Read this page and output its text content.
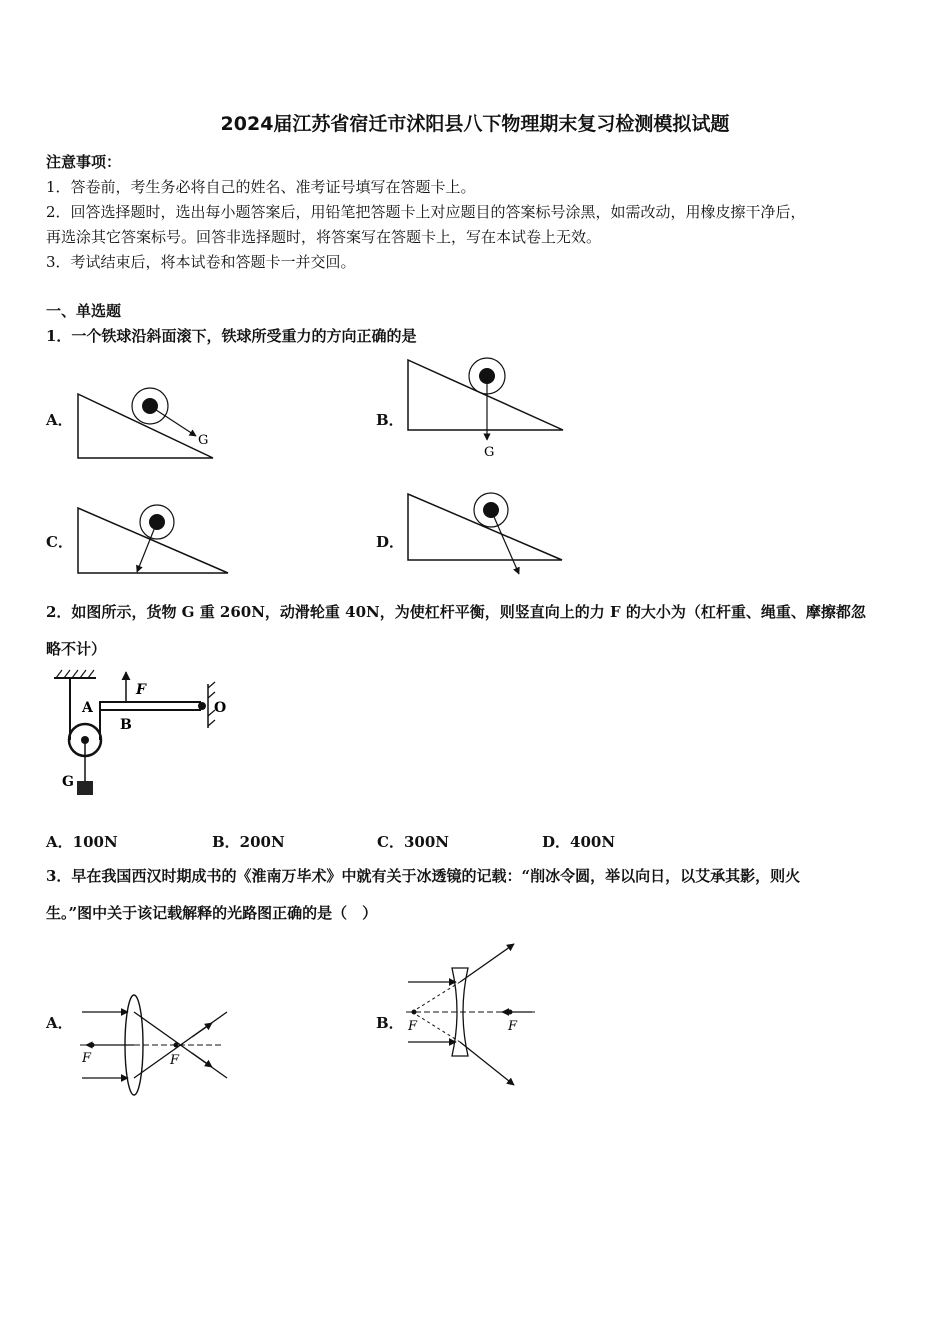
2024届江苏省宿迁市沭阳县八下物理期末复习检测模拟试题
注意事项：
1．答卷前，考生务必将自己的姓名、准考证号填写在答题卡上。
2．回答选择题时，选出每小题答案后，用铅笔把答题卡上对应题目的答案标号涂黑，如需改动，用橡皮擦干净后，
再选涂其它答案标号。回答非选择题时，将答案写在答题卡上，写在本试卷上无效。
3．考试结束后，将本试卷和答题卡一并交回。
一、单选题
1．一个铁球沿斜面滚下，铁球所受重力的方向正确的是
A．	B．
C．	D．
G
G
2．如图所示，货物 G 重 260N，动滑轮重 40N，为使杠杆平衡，则竖直向上的力 F 的大小为（杠杆重、绳重、摩擦都忽
略不计）
F
A
B
O
G
A．100N	B．200N	C．300N	D．400N
3．早在我国西汉时期成书的《淮南万毕术》中就有关于冰透镜的记载：“削冰令圆，举以向日，以艾承其影，则火
生。”图中关于该记载解释的光路图正确的是（　）
A．	B．
F	F
F	F
